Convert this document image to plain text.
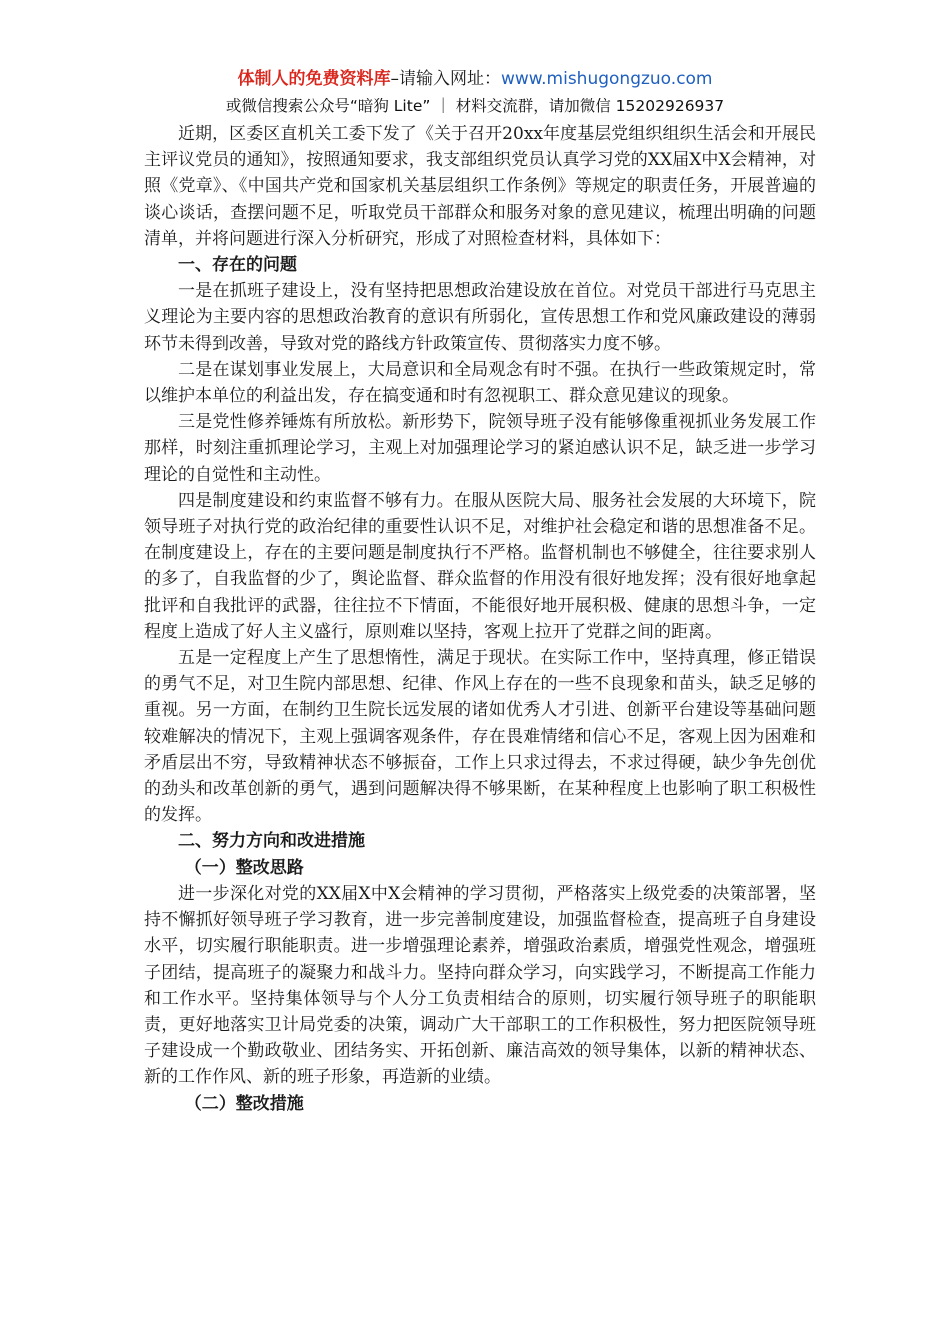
体制人的免费资料库–请输入网址：www.mishugongzuo.com
或微信搜索公众号“暗狗 Lite” ｜ 材料交流群，请加微信 15202926937

近期，区委区直机关工委下发了《关于召开20xx年度基层党组织组织生活会和开展民主评议党员的通知》，按照通知要求，我支部组织党员认真学习党的XX届X中X会精神，对照《党章》、《中国共产党和国家机关基层组织工作条例》等规定的职责任务，开展普遍的谈心谈话，查摆问题不足，听取党员干部群众和服务对象的意见建议，梳理出明确的问题清单，并将问题进行深入分析研究，形成了对照检查材料，具体如下：

一、存在的问题

一是在抓班子建设上，没有坚持把思想政治建设放在首位。对党员干部进行马克思主义理论为主要内容的思想政治教育的意识有所弱化，宣传思想工作和党风廉政建设的薄弱环节未得到改善，导致对党的路线方针政策宣传、贯彻落实力度不够。

二是在谋划事业发展上，大局意识和全局观念有时不强。在执行一些政策规定时，常以维护本单位的利益出发，存在搞变通和时有忽视职工、群众意见建议的现象。

三是党性修养锤炼有所放松。新形势下，院领导班子没有能够像重视抓业务发展工作那样，时刻注重抓理论学习，主观上对加强理论学习的紧迫感认识不足，缺乏进一步学习理论的自觉性和主动性。

四是制度建设和约束监督不够有力。在服从医院大局、服务社会发展的大环境下，院领导班子对执行党的政治纪律的重要性认识不足，对维护社会稳定和谐的思想准备不足。在制度建设上，存在的主要问题是制度执行不严格。监督机制也不够健全，往往要求别人的多了，自我监督的少了，舆论监督、群众监督的作用没有很好地发挥；没有很好地拿起批评和自我批评的武器，往往拉不下情面，不能很好地开展积极、健康的思想斗争，一定程度上造成了好人主义盛行，原则难以坚持，客观上拉开了党群之间的距离。

五是一定程度上产生了思想惰性，满足于现状。在实际工作中，坚持真理，修正错误的勇气不足，对卫生院内部思想、纪律、作风上存在的一些不良现象和苗头，缺乏足够的重视。另一方面，在制约卫生院长远发展的诸如优秀人才引进、创新平台建设等基础问题较难解决的情况下，主观上强调客观条件，存在畏难情绪和信心不足，客观上因为困难和矛盾层出不穷，导致精神状态不够振奋，工作上只求过得去，不求过得硬，缺少争先创优的劲头和改革创新的勇气，遇到问题解决得不够果断，在某种程度上也影响了职工积极性的发挥。

二、努力方向和改进措施
（一）整改思路

进一步深化对党的XX届X中X会精神的学习贯彻，严格落实上级党委的决策部署，坚持不懈抓好领导班子学习教育，进一步完善制度建设，加强监督检查，提高班子自身建设水平，切实履行职能职责。进一步增强理论素养，增强政治素质，增强党性观念，增强班子团结，提高班子的凝聚力和战斗力。坚持向群众学习，向实践学习，不断提高工作能力和工作水平。坚持集体领导与个人分工负责相结合的原则，切实履行领导班子的职能职责，更好地落实卫计局党委的决策，调动广大干部职工的工作积极性，努力把医院领导班子建设成一个勤政敬业、团结务实、开拓创新、廉洁高效的领导集体，以新的精神状态、新的工作作风、新的班子形象，再造新的业绩。

（二）整改措施
